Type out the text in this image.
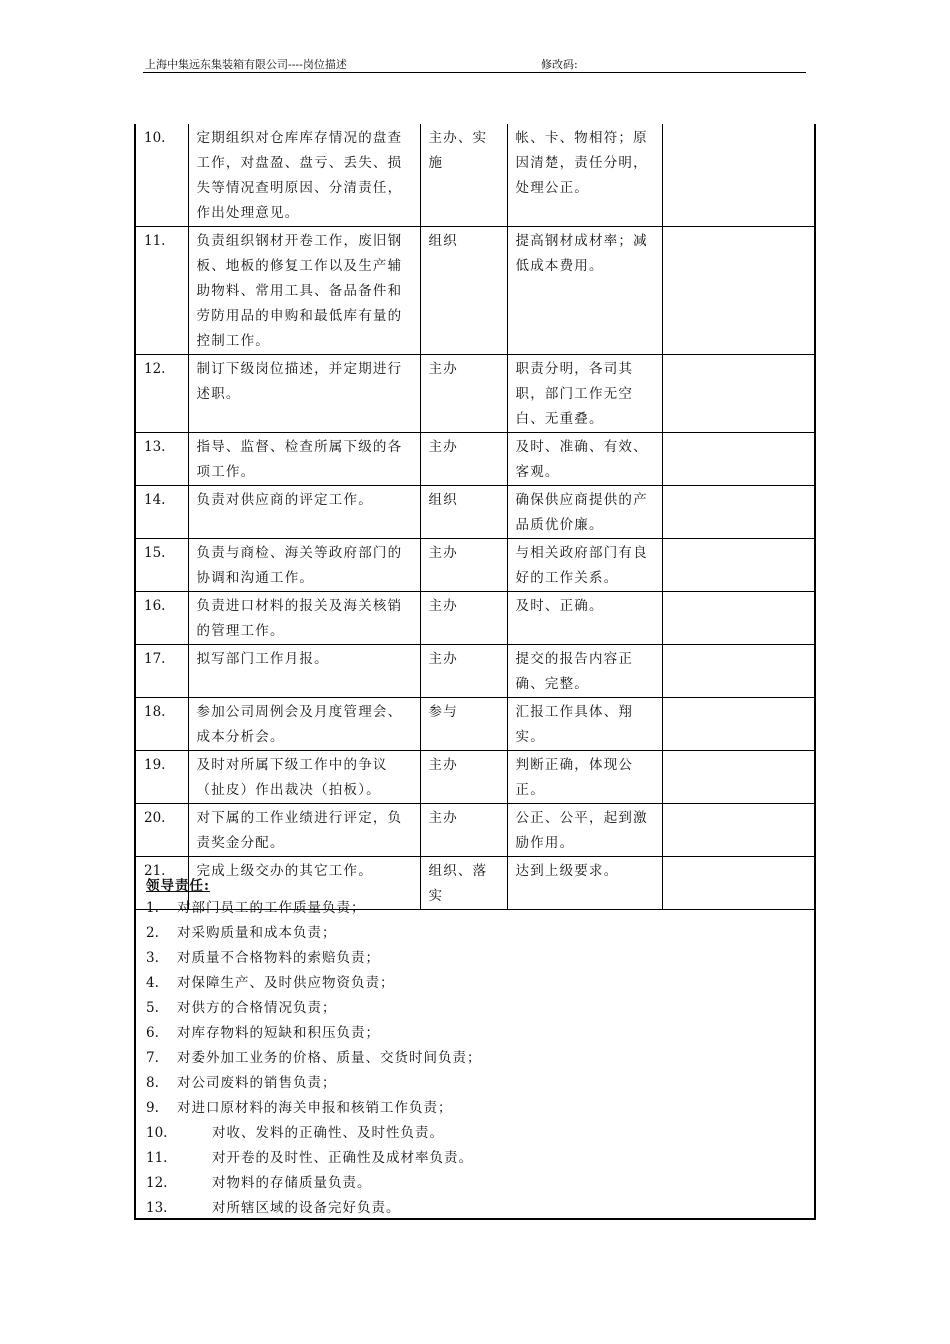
上海中集远东集装箱有限公司----岗位描述	修改码:
10.	定期组织对仓库库存情况的盘查工作，对盘盈、盘亏、丢失、损失等情况查明原因、分清责任，作出处理意见。	主办、实施	帐、卡、物相符；原因清楚，责任分明，处理公正。	
11.	负责组织钢材开卷工作，废旧钢板、地板的修复工作以及生产辅助物料、常用工具、备品备件和劳防用品的申购和最低库有量的控制工作。	组织	提高钢材成材率；减低成本费用。	
12.	制订下级岗位描述，并定期进行述职。	主办	职责分明，各司其职，部门工作无空白、无重叠。	
13.	指导、监督、检查所属下级的各项工作。	主办	及时、准确、有效、客观。	
14.	负责对供应商的评定工作。	组织	确保供应商提供的产品质优价廉。	
15.	负责与商检、海关等政府部门的协调和沟通工作。	主办	与相关政府部门有良好的工作关系。	
16.	负责进口材料的报关及海关核销的管理工作。	主办	及时、正确。	
17.	拟写部门工作月报。	主办	提交的报告内容正确、完整。	
18.	参加公司周例会及月度管理会、成本分析会。	参与	汇报工作具体、翔实。	
19.	及时对所属下级工作中的争议（扯皮）作出裁决（拍板）。	主办	判断正确，体现公正。	
20.	对下属的工作业绩进行评定，负责奖金分配。	主办	公正、公平，起到激励作用。	
21.	完成上级交办的其它工作。	组织、落实	达到上级要求。	
领导责任:
1. 对部门员工的工作质量负责；
2. 对采购质量和成本负责；
3. 对质量不合格物料的索赔负责；
4. 对保障生产、及时供应物资负责；
5. 对供方的合格情况负责；
6. 对库存物料的短缺和积压负责；
7. 对委外加工业务的价格、质量、交货时间负责；
8. 对公司废料的销售负责；
9. 对进口原材料的海关申报和核销工作负责；
10.	对收、发料的正确性、及时性负责。
11.	对开卷的及时性、正确性及成材率负责。
12.	对物料的存储质量负责。
13.	对所辖区域的设备完好负责。
